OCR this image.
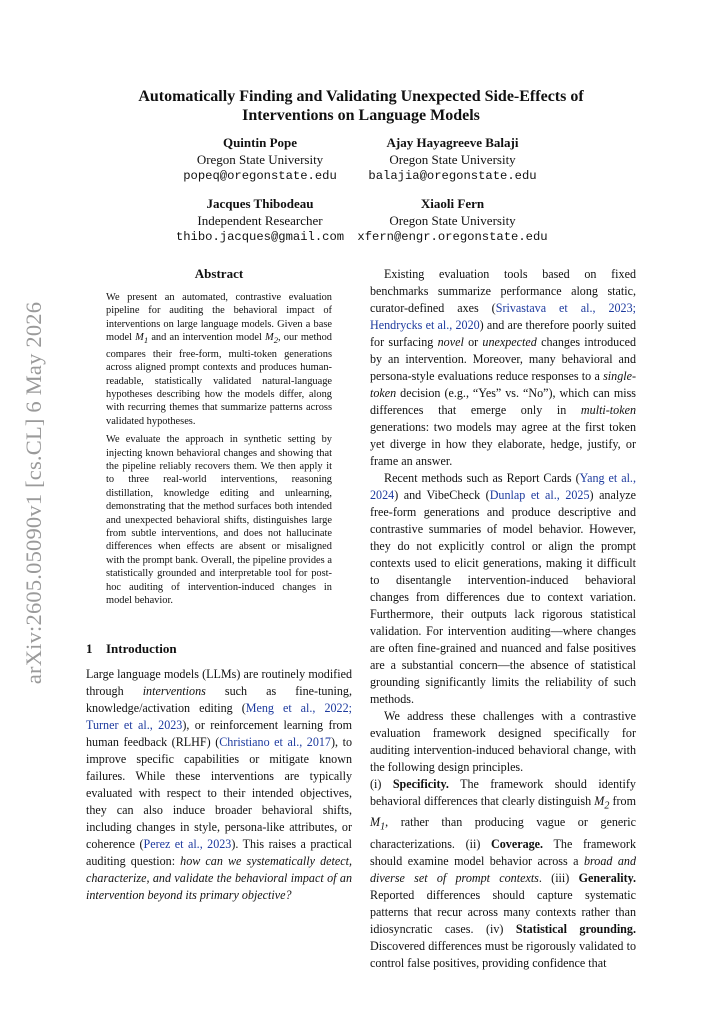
arXiv:2605.05090v1 [cs.CL] 6 May 2026
Automatically Finding and Validating Unexpected Side-Effects of
Interventions on Language Models
Quintin Pope
Oregon State University
popeq@oregonstate.edu
Ajay Hayagreeve Balaji
Oregon State University
balajia@oregonstate.edu
Jacques Thibodeau
Independent Researcher
thibo.jacques@gmail.com
Xiaoli Fern
Oregon State University
xfern@engr.oregonstate.edu
Abstract

We present an automated, contrastive evaluation pipeline for auditing the behavioral impact of interventions on large language models. Given a base model $M_1$ and an intervention model $M_2$, our method compares their free-form, multi-token generations across aligned prompt contexts and produces human-readable, statistically validated natural-language hypotheses describing how the models differ, along with recurring themes that summarize patterns across validated hypotheses.

We evaluate the approach in synthetic setting by injecting known behavioral changes and showing that the pipeline reliably recovers them. We then apply it to three real-world interventions, reasoning distillation, knowledge editing and unlearning, demonstrating that the method surfaces both intended and unexpected behavioral shifts, distinguishes large from subtle interventions, and does not hallucinate differences when effects are absent or misaligned with the prompt bank. Overall, the pipeline provides a statistically grounded and interpretable tool for post-hoc auditing of intervention-induced changes in model behavior.

1 Introduction

Large language models (LLMs) are routinely modified through interventions such as fine-tuning, knowledge/activation editing (Meng et al., 2022; Turner et al., 2023), or reinforcement learning from human feedback (RLHF) (Christiano et al., 2017), to improve specific capabilities or mitigate known failures. While these interventions are typically evaluated with respect to their intended objectives, they can also induce broader behavioral shifts, including changes in style, persona-like attributes, or coherence (Perez et al., 2023). This raises a practical auditing question: how can we systematically detect, characterize, and validate the behavioral impact of an intervention beyond its primary objective?

Existing evaluation tools based on fixed benchmarks summarize performance along static, curator-defined axes (Srivastava et al., 2023; Hendrycks et al., 2020) and are therefore poorly suited for surfacing novel or unexpected changes introduced by an intervention. Moreover, many behavioral and persona-style evaluations reduce responses to a single-token decision (e.g., “Yes” vs. “No”), which can miss differences that emerge only in multi-token generations: two models may agree at the first token yet diverge in how they elaborate, hedge, justify, or frame an answer.

Recent methods such as Report Cards (Yang et al., 2024) and VibeCheck (Dunlap et al., 2025) analyze free-form generations and produce descriptive and contrastive summaries of model behavior. However, they do not explicitly control or align the prompt contexts used to elicit generations, making it difficult to disentangle intervention-induced behavioral changes from differences due to context variation. Furthermore, their outputs lack rigorous statistical validation. For intervention auditing—where changes are often fine-grained and nuanced and false positives are a substantial concern—the absence of statistical grounding significantly limits the reliability of such methods.

We address these challenges with a contrastive evaluation framework designed specifically for auditing intervention-induced behavioral change, with the following design principles.

(i) Specificity. The framework should identify behavioral differences that clearly distinguish $M_2$ from $M_1$, rather than producing vague or generic characterizations. (ii) Coverage. The framework should examine model behavior across a broad and diverse set of prompt contexts. (iii) Generality. Reported differences should capture systematic patterns that recur across many contexts rather than idiosyncratic cases. (iv) Statistical grounding. Discovered differences must be rigorously validated to control false positives, providing confidence that
